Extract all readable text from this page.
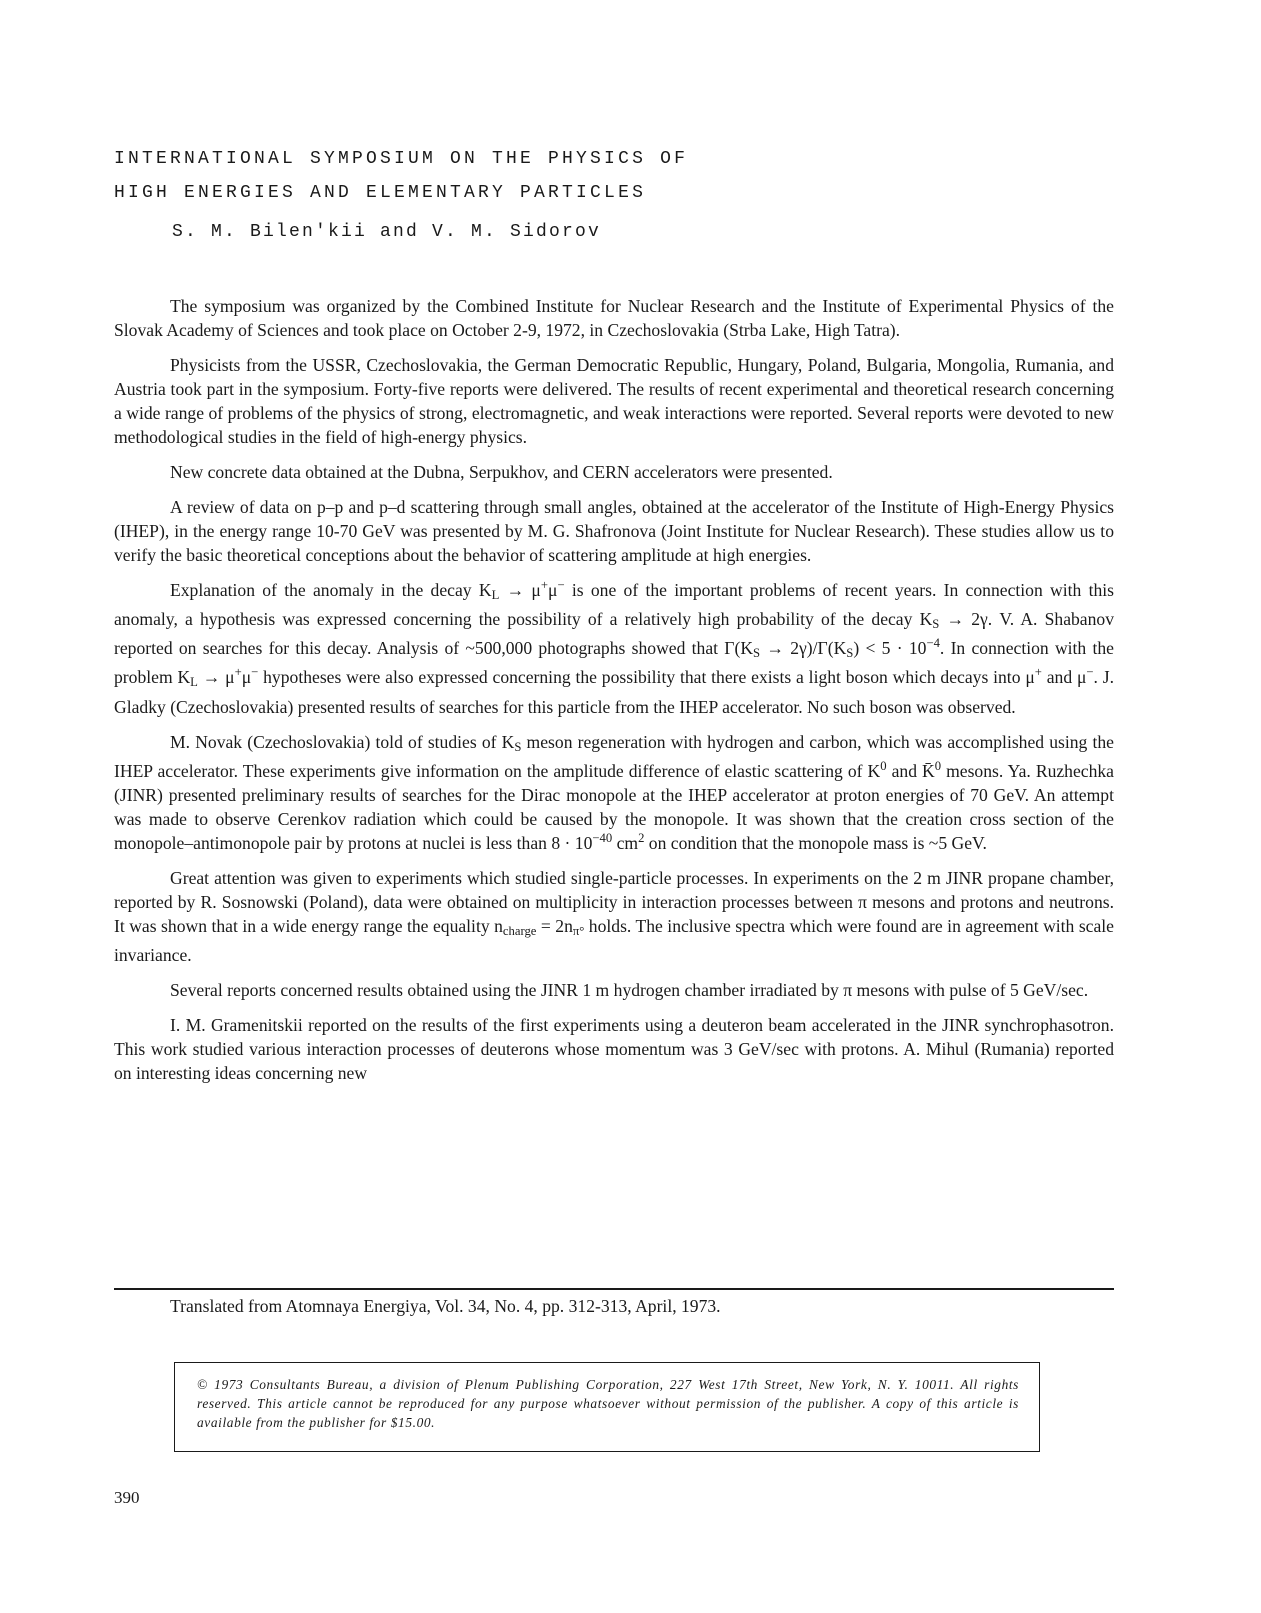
INTERNATIONAL SYMPOSIUM ON THE PHYSICS OF
HIGH ENERGIES AND ELEMENTARY PARTICLES
S. M. Bilen'kii and V. M. Sidorov

The symposium was organized by the Combined Institute for Nuclear Research and the Institute of Experimental Physics of the Slovak Academy of Sciences and took place on October 2-9, 1972, in Czechoslovakia (Strba Lake, High Tatra).

Physicists from the USSR, Czechoslovakia, the German Democratic Republic, Hungary, Poland, Bulgaria, Mongolia, Rumania, and Austria took part in the symposium. Forty-five reports were delivered. The results of recent experimental and theoretical research concerning a wide range of problems of the physics of strong, electromagnetic, and weak interactions were reported. Several reports were devoted to new methodological studies in the field of high-energy physics.

New concrete data obtained at the Dubna, Serpukhov, and CERN accelerators were presented.

A review of data on p–p and p–d scattering through small angles, obtained at the accelerator of the Institute of High-Energy Physics (IHEP), in the energy range 10-70 GeV was presented by M. G. Shafronova (Joint Institute for Nuclear Research). These studies allow us to verify the basic theoretical conceptions about the behavior of scattering amplitude at high energies.

Explanation of the anomaly in the decay $K_L \to \mu^+\mu^-$ is one of the important problems of recent years. In connection with this anomaly, a hypothesis was expressed concerning the possibility of a relatively high probability of the decay $K_S \to 2\gamma$. V. A. Shabanov reported on searches for this decay. Analysis of ~500,000 photographs showed that $\Gamma(K_S \to 2\gamma)/\Gamma(K_S) < 5 \cdot 10^{-4}$. In connection with the problem $K_L \to \mu^+\mu^-$ hypotheses were also expressed concerning the possibility that there exists a light boson which decays into μ+ and μ−. J. Gladky (Czechoslovakia) presented results of searches for this particle from the IHEP accelerator. No such boson was observed.

M. Novak (Czechoslovakia) told of studies of $K_S$ meson regeneration with hydrogen and carbon, which was accomplished using the IHEP accelerator. These experiments give information on the amplitude difference of elastic scattering of $K^0$ and K̄$^0$ mesons. Ya. Ruzhechka (JINR) presented preliminary results of searches for the Dirac monopole at the IHEP accelerator at proton energies of 70 GeV. An attempt was made to observe Cerenkov radiation which could be caused by the monopole. It was shown that the creation cross section of the monopole–antimonopole pair by protons at nuclei is less than $8 \cdot 10^{-40}$ $cm^2$ on condition that the monopole mass is ~5 GeV.

Great attention was given to experiments which studied single-particle processes. In experiments on the 2 m JINR propane chamber, reported by R. Sosnowski (Poland), data were obtained on multiplicity in interaction processes between π mesons and protons and neutrons. It was shown that in a wide energy range the equality $n_{charge} = 2n_{\pi^\circ}$ holds. The inclusive spectra which were found are in agreement with scale invariance.

Several reports concerned results obtained using the JINR 1 m hydrogen chamber irradiated by π mesons with pulse of 5 GeV/sec.

I. M. Gramenitskii reported on the results of the first experiments using a deuteron beam accelerated in the JINR synchrophasotron. This work studied various interaction processes of deuterons whose momentum was 3 GeV/sec with protons. A. Mihul (Rumania) reported on interesting ideas concerning new

Translated from Atomnaya Energiya, Vol. 34, No. 4, pp. 312-313, April, 1973.
© 1973 Consultants Bureau, a division of Plenum Publishing Corporation, 227 West 17th Street, New York, N. Y. 10011. All rights reserved. This article cannot be reproduced for any purpose whatsoever without permission of the publisher. A copy of this article is available from the publisher for $15.00.
390
